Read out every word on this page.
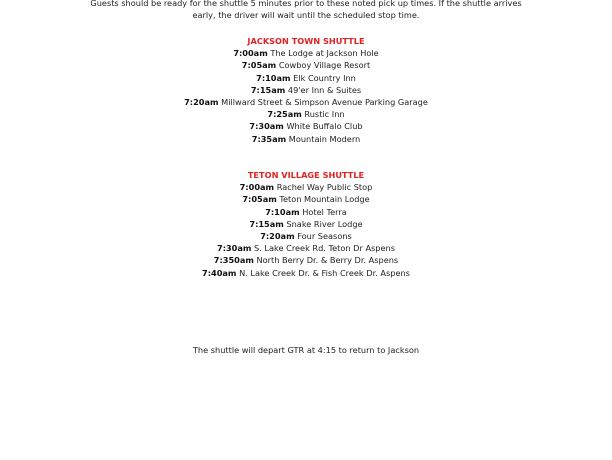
Guests should be ready for the shuttle 5 minutes prior to these noted pick up times. If the shuttle arrives
early, the driver will wait until the scheduled stop time.
JACKSON TOWN SHUTTLE
7:00am The Lodge at Jackson Hole
7:05am Cowboy Village Resort
7:10am Elk Country Inn
7:15am 49'er Inn & Suites
7:20am Millward Street & Simpson Avenue Parking Garage
7:25am Rustic Inn
7:30am White Buffalo Club
7:35am Mountain Modern
TETON VILLAGE SHUTTLE
7:00am Rachel Way Public Stop
7:05am Teton Mountain Lodge
7:10am Hotel Terra
7:15am Snake River Lodge
7:20am Four Seasons
7:30am S. Lake Creek Rd. Teton Dr Aspens
7:350am North Berry Dr. & Berry Dr. Aspens
7:40am N. Lake Creek Dr. & Fish Creek Dr. Aspens
The shuttle will depart GTR at 4:15 to return to Jackson
